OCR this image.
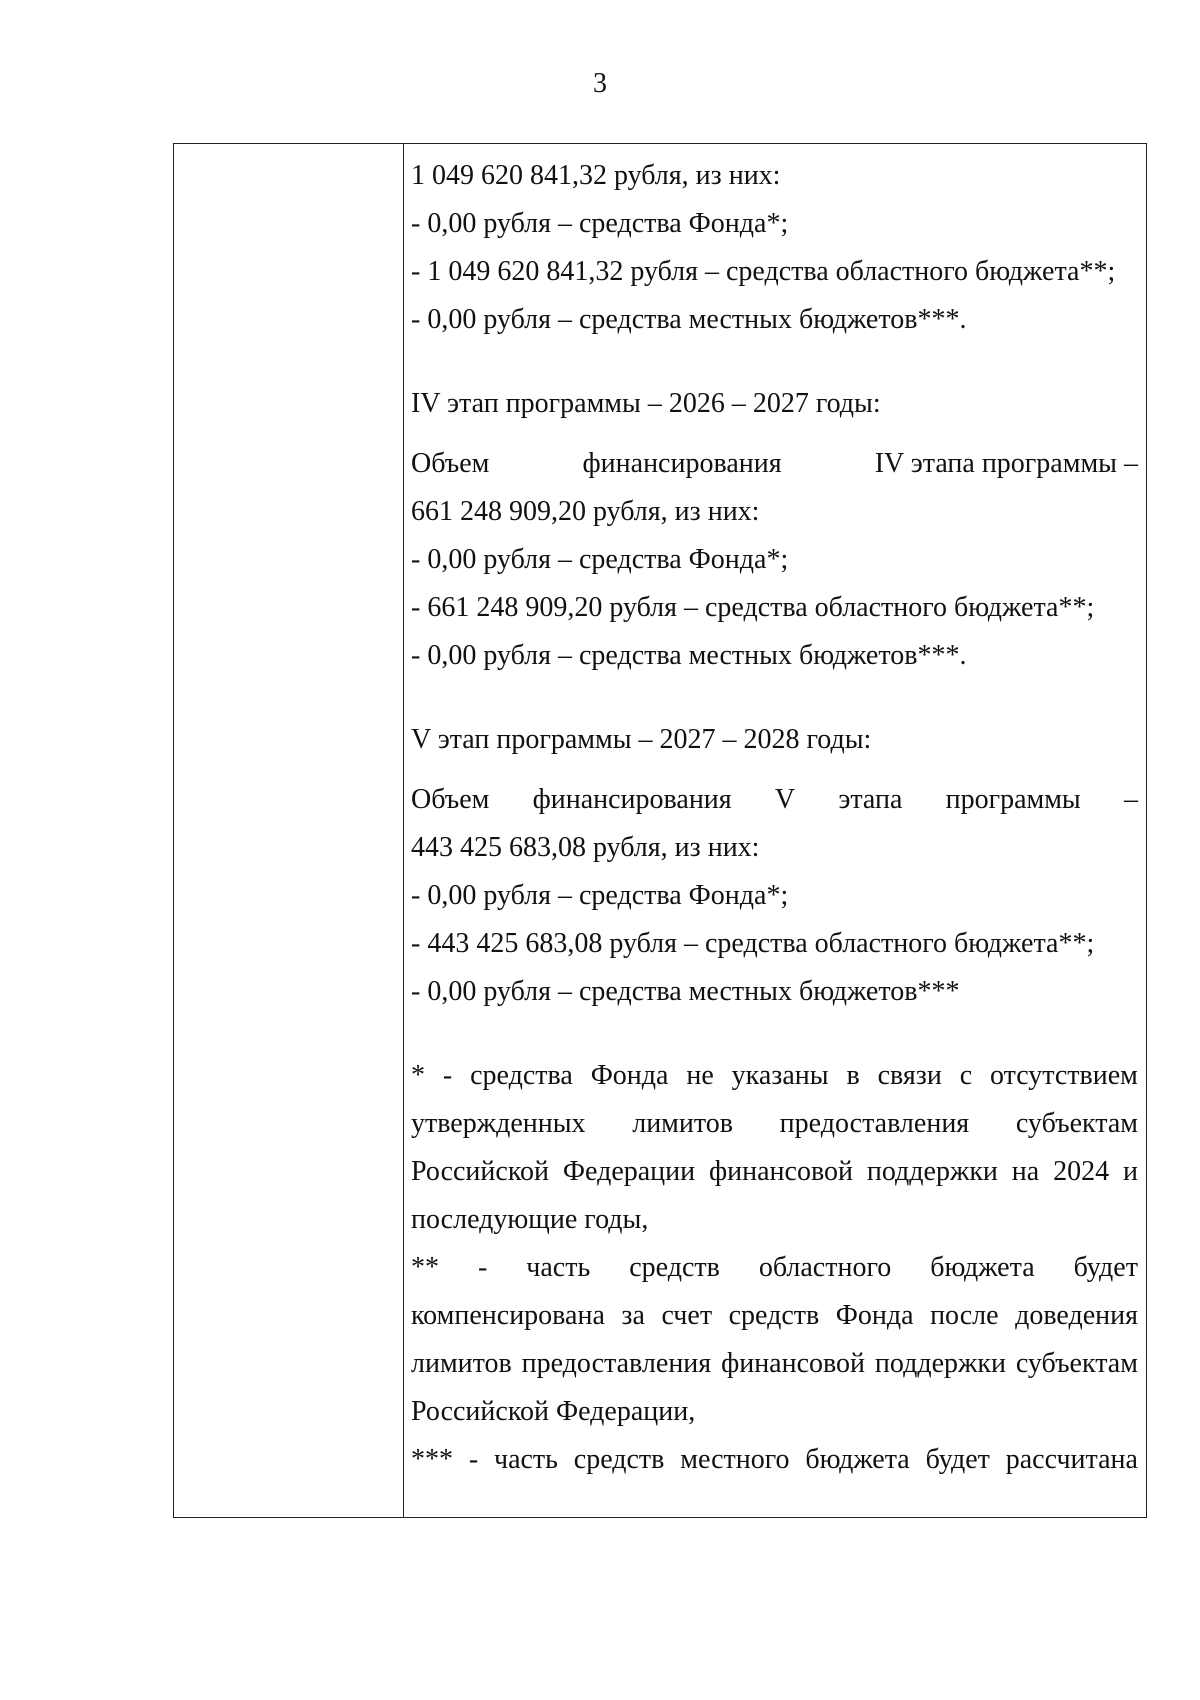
3
1 049 620 841,32 рубля, из них:
- 0,00 рубля – средства Фонда*;
- 1 049 620 841,32 рубля – средства областного бюджета**;
- 0,00 рубля – средства местных бюджетов***.
IV этап программы – 2026 – 2027 годы:
Объем	финансирования	IV этапа программы –
661 248 909,20 рубля, из них:
- 0,00 рубля – средства Фонда*;
- 661 248 909,20 рубля – средства областного бюджета**;
- 0,00 рубля – средства местных бюджетов***.
V этап программы – 2027 – 2028 годы:
Объем финансирования V этапа программы –
443 425 683,08 рубля, из них:
- 0,00 рубля – средства Фонда*;
- 443 425 683,08 рубля – средства областного бюджета**;
- 0,00 рубля – средства местных бюджетов***
* - средства Фонда не указаны в связи с отсутствием
утвержденных лимитов предоставления субъектам
Российской Федерации финансовой поддержки на 2024 и
последующие годы,
** - часть средств областного бюджета будет
компенсирована за счет средств Фонда после доведения
лимитов предоставления финансовой поддержки субъектам
Российской Федерации,
*** - часть средств местного бюджета будет рассчитана
